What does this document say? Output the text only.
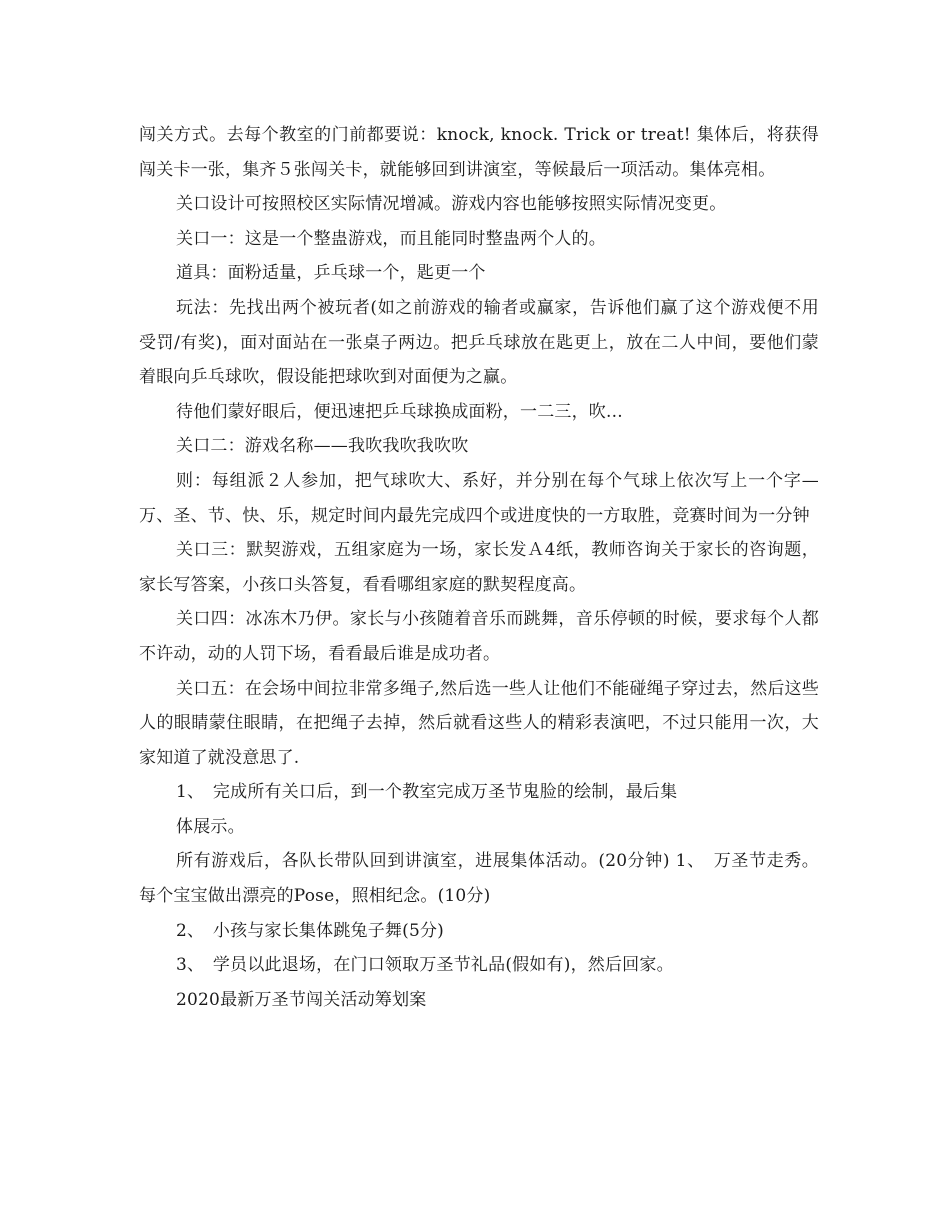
闯关方式。去每个教室的门前都要说：knock, knock. Trick or treat! 集体后，将获得闯关卡一张，集齐５张闯关卡，就能够回到讲演室，等候最后一项活动。集体亮相。

关口设计可按照校区实际情况增减。游戏内容也能够按照实际情况变更。

关口一：这是一个整蛊游戏，而且能同时整蛊两个人的。

道具：面粉适量，乒乓球一个，匙更一个

玩法：先找出两个被玩者(如之前游戏的输者或赢家，告诉他们赢了这个游戏便不用受罚/有奖)，面对面站在一张桌子两边。把乒乓球放在匙更上，放在二人中间，要他们蒙着眼向乒乓球吹，假设能把球吹到对面便为之赢。

待他们蒙好眼后，便迅速把乒乓球换成面粉，一二三，吹...

关口二：游戏名称——我吹我吹我吹吹

则：每组派２人参加，把气球吹大、系好，并分别在每个气球上依次写上一个字—万、圣、节、快、乐，规定时间内最先完成四个或进度快的一方取胜，竞赛时间为一分钟

关口三：默契游戏，五组家庭为一场，家长发Ａ4纸，教师咨询关于家长的咨询题，家长写答案，小孩口头答复，看看哪组家庭的默契程度高。

关口四：冰冻木乃伊。家长与小孩随着音乐而跳舞，音乐停顿的时候，要求每个人都不许动，动的人罚下场，看看最后谁是成功者。

关口五：在会场中间拉非常多绳子,然后选一些人让他们不能碰绳子穿过去，然后这些人的眼睛蒙住眼睛，在把绳子去掉，然后就看这些人的精彩表演吧，不过只能用一次，大家知道了就没意思了.

1、　完成所有关口后，到一个教室完成万圣节鬼脸的绘制，最后集

体展示。

所有游戏后，各队长带队回到讲演室，进展集体活动。(20分钟) 1、　万圣节走秀。每个宝宝做出漂亮的Pose，照相纪念。(10分)

2、　小孩与家长集体跳兔子舞(5分)

3、　学员以此退场，在门口领取万圣节礼品(假如有)，然后回家。

2020最新万圣节闯关活动筹划案
